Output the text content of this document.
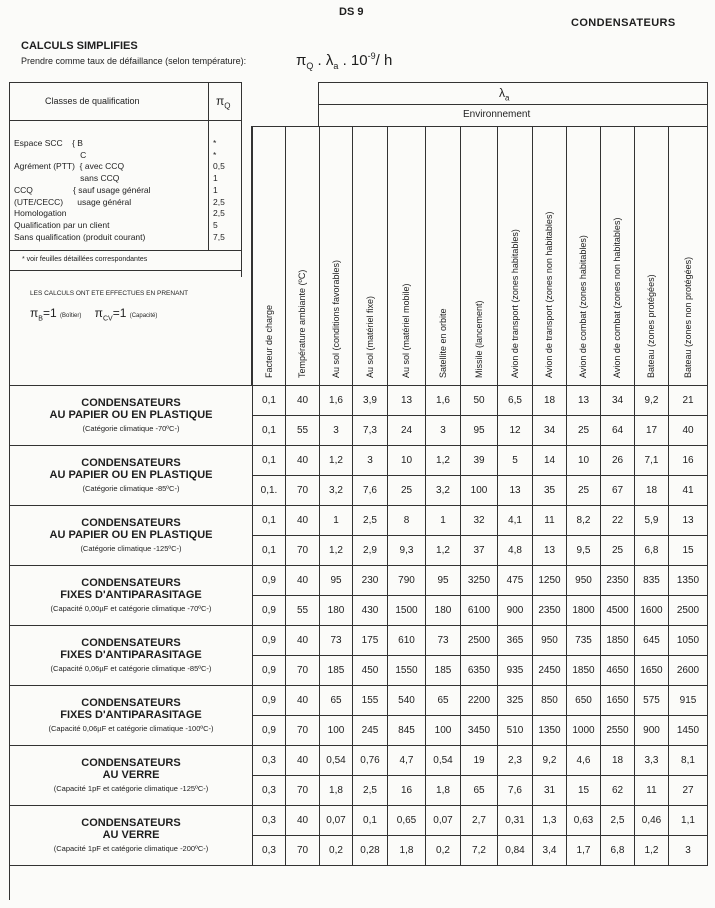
DS 9
CONDENSATEURS
CALCULS SIMPLIFIES
Prendre comme taux de défaillance (selon température):	$\pi_Q$ . $\lambda_a$ . $10^{-9}/$ h
Classes de qualification	$\pi_Q$
Espace SCC    { B	*
C	*
Agrément (PTT)  { avec CCQ	0,5
sans CCQ	1
CCQ                 { sauf usage général	1
(UTE/CECC)      usage général	2,5
Homologation	2,5
Qualification par un client	5
Sans qualification (produit courant)	7,5
* voir feuilles détaillées correspondantes
LES CALCULS ONT ETE EFFECTUES EN PRENANT
$\pi_B=1$ (Boîtier) $\pi_{CV}=1$ (Capacité)
$\lambda_a$
Environnement
Facteur de charge	Température ambiante (ºC)	Au sol (conditions favorables)	Au sol (matériel fixe)	Au sol (matériel mobile)	Satellite en orbite	Missile (lancement)	Avion de transport (zones habitables)	Avion de transport (zones non habitables)	Avion de combat (zones habitables)	Avion de combat (zones non habitables)	Bateau (zones protégées)	Bateau (zones non protégées)
CONDENSATEURS
AU PAPIER OU EN PLASTIQUE
(Catégorie climatique -70ºC-)	0,1	40	1,6	3,9	13	1,6	50	6,5	18	13	34	9,2	21
	0,1	55	3	7,3	24	3	95	12	34	25	64	17	40

CONDENSATEURS
AU PAPIER OU EN PLASTIQUE
(Catégorie climatique -85ºC-)	0,1	40	1,2	3	10	1,2	39	5	14	10	26	7,1	16
	0,1.	70	3,2	7,6	25	3,2	100	13	35	25	67	18	41

CONDENSATEURS
AU PAPIER OU EN PLASTIQUE
(Catégorie climatique -125ºC-)	0,1	40	1	2,5	8	1	32	4,1	11	8,2	22	5,9	13
	0,1	70	1,2	2,9	9,3	1,2	37	4,8	13	9,5	25	6,8	15

CONDENSATEURS
FIXES D'ANTIPARASITAGE
(Capacité 0,00µF et catégorie climatique -70ºC-)	0,9	40	95	230	790	95	3250	475	1250	950	2350	835	1350
	0,9	55	180	430	1500	180	6100	900	2350	1800	4500	1600	2500

CONDENSATEURS
FIXES D'ANTIPARASITAGE
(Capacité 0,06µF et catégorie climatique -85ºC-)	0,9	40	73	175	610	73	2500	365	950	735	1850	645	1050
	0,9	70	185	450	1550	185	6350	935	2450	1850	4650	1650	2600

CONDENSATEURS
FIXES D'ANTIPARASITAGE
(Capacité 0,06µF et catégorie climatique -100ºC-)	0,9	40	65	155	540	65	2200	325	850	650	1650	575	915
	0,9	70	100	245	845	100	3450	510	1350	1000	2550	900	1450

CONDENSATEURS
AU VERRE
(Capacité 1pF et catégorie climatique -125ºC-)	0,3	40	0,54	0,76	4,7	0,54	19	2,3	9,2	4,6	18	3,3	8,1
	0,3	70	1,8	2,5	16	1,8	65	7,6	31	15	62	11	27

CONDENSATEURS
AU VERRE
(Capacité 1pF et catégorie climatique -200ºC-)	0,3	40	0,07	0,1	0,65	0,07	2,7	0,31	1,3	0,63	2,5	0,46	1,1
	0,3	70	0,2	0,28	1,8	0,2	7,2	0,84	3,4	1,7	6,8	1,2	3
